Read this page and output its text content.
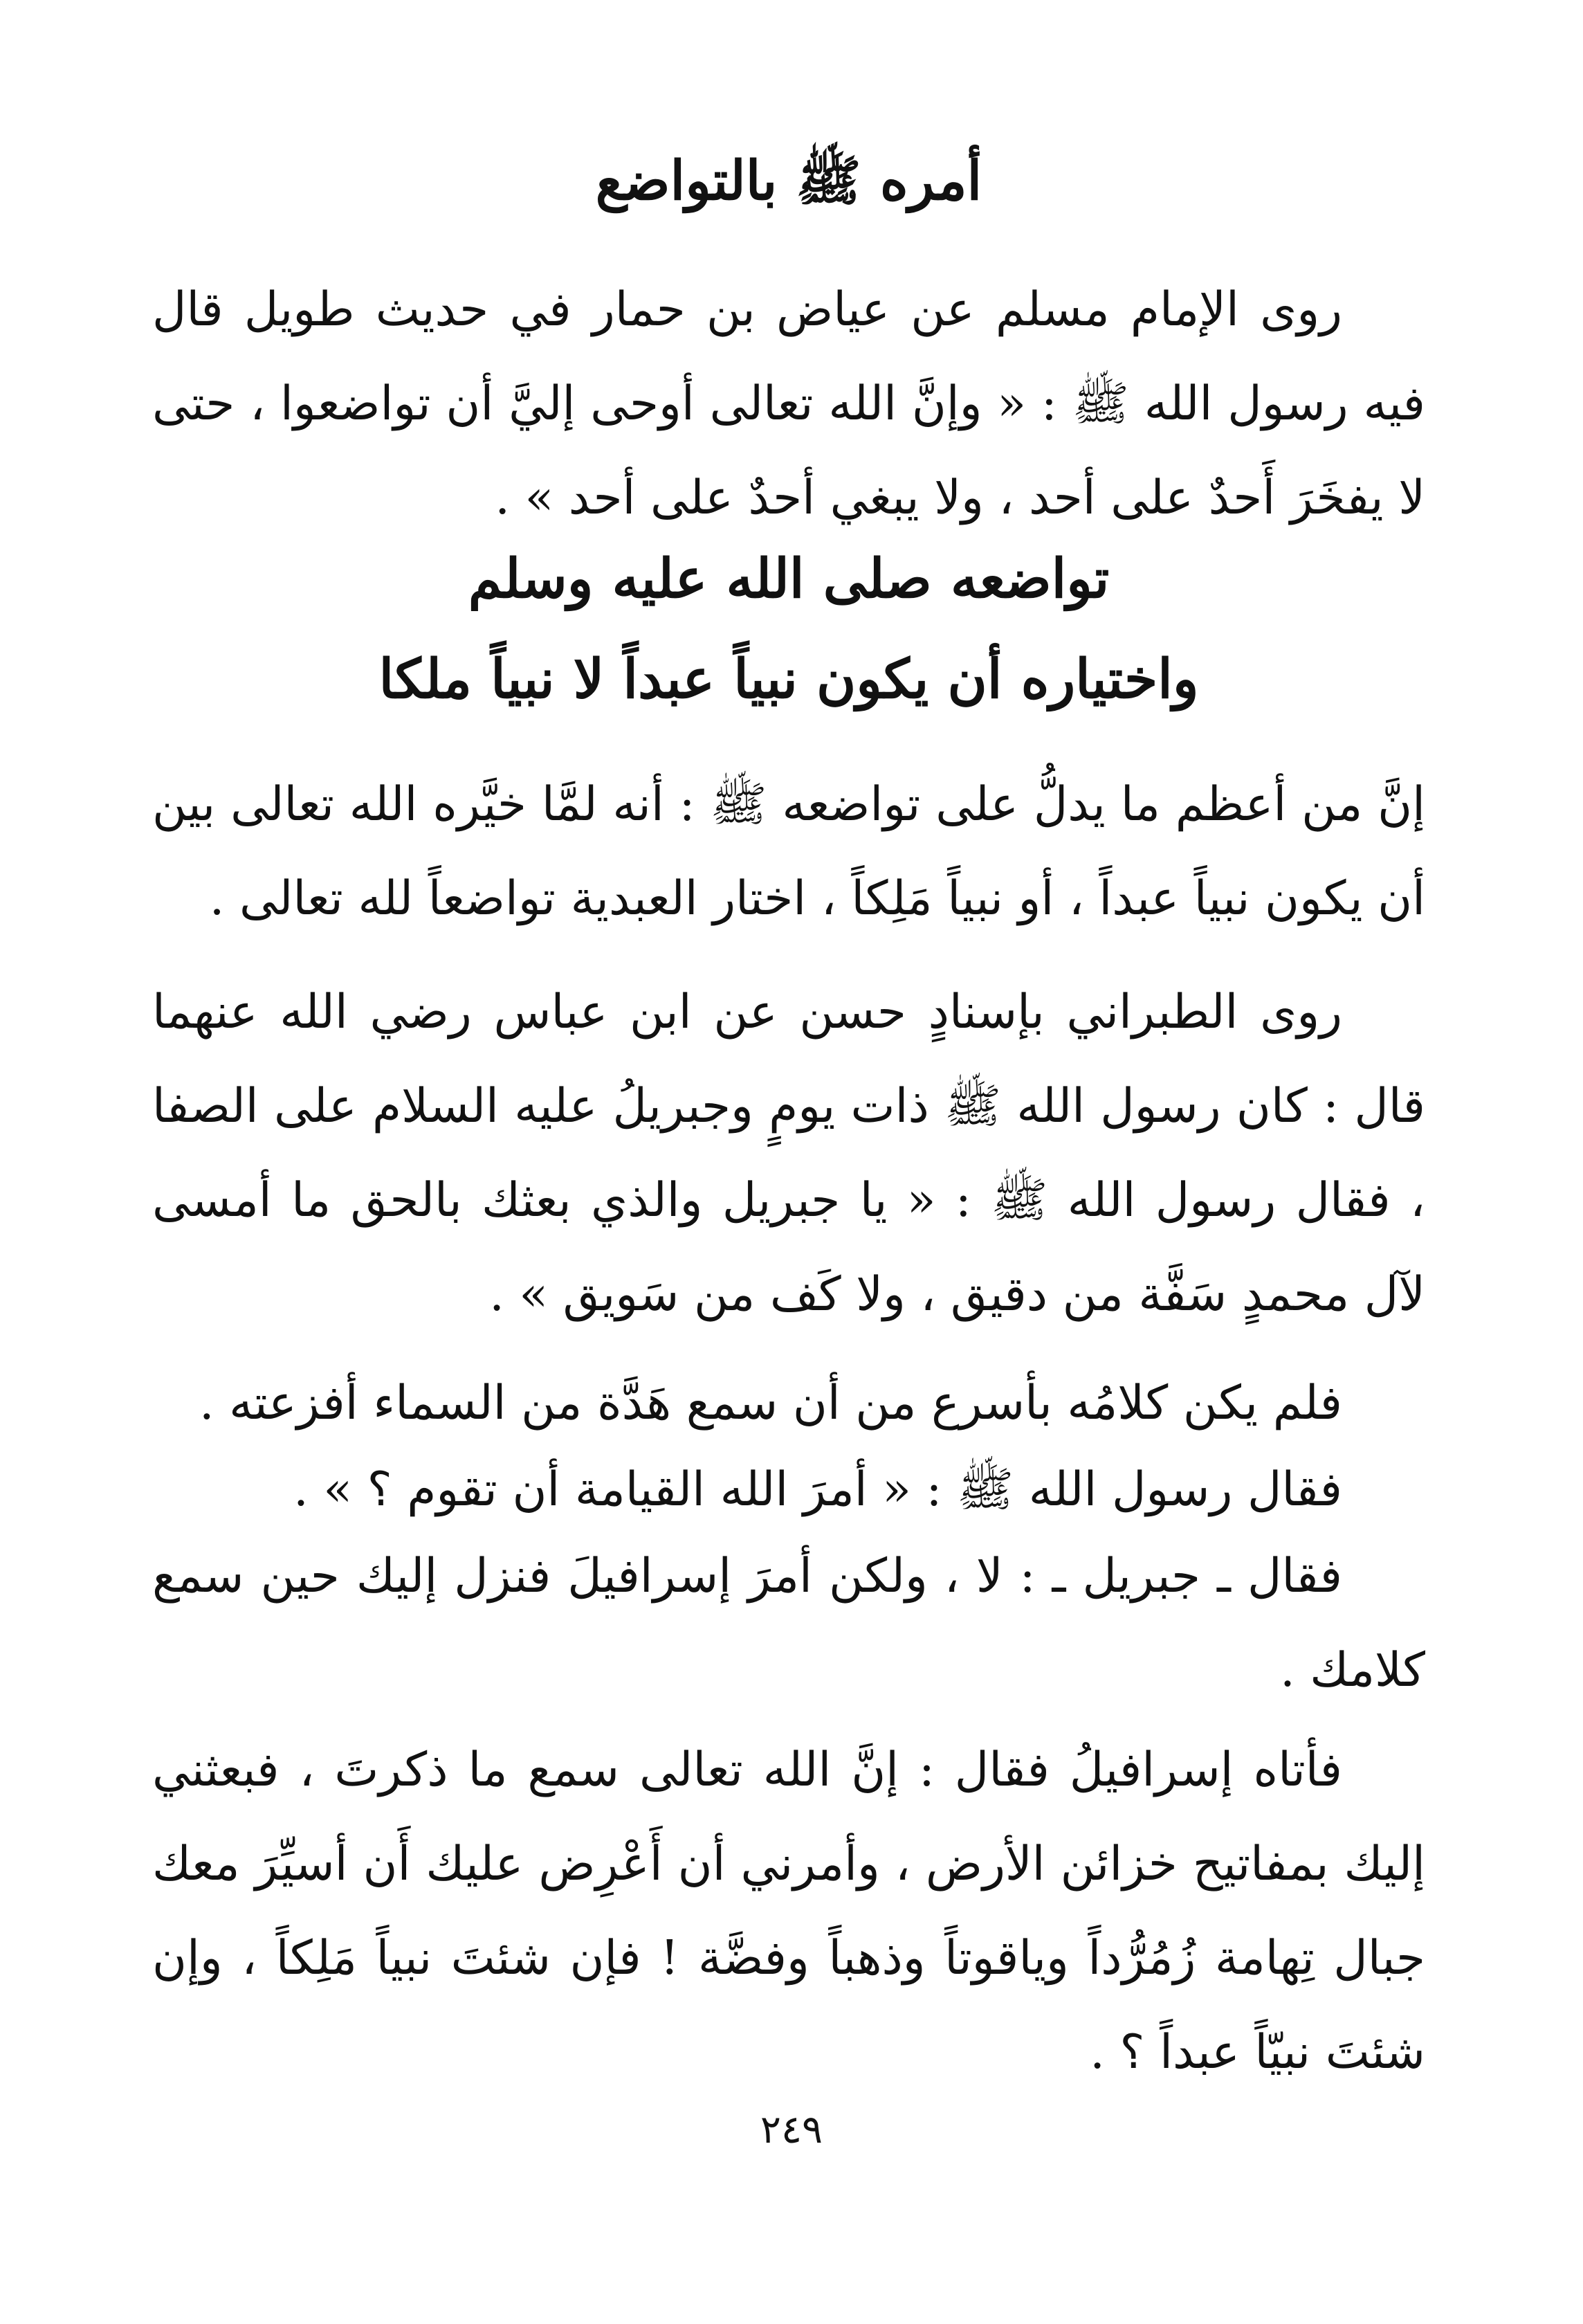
أمره ﷺ بالتواضع

روى الإمام مسلم عن عياض بن حمار في حديث طويل قال فيه رسول الله ﷺ : « وإنَّ الله تعالى أوحى إليَّ أن تواضعوا ، حتى لا يفخَرَ أَحدٌ على أحد ، ولا يبغي أحدٌ على أحد » .

تواضعه صلى الله عليه وسلم
واختياره أن يكون نبياً عبداً لا نبياً ملكا

إنَّ من أعظم ما يدلُّ على تواضعه ﷺ : أنه لمَّا خيَّره الله تعالى بين أن يكون نبياً عبداً ، أو نبياً مَلِكاً ، اختار العبدية تواضعاً لله تعالى .

روى الطبراني بإسنادٍ حسن عن ابن عباس رضي الله عنهما قال : كان رسول الله ﷺ ذات يومٍ وجبريلُ عليه السلام على الصفا ، فقال رسول الله ﷺ : « يا جبريل والذي بعثك بالحق ما أمسى لآل محمدٍ سَفَّة من دقيق ، ولا كَف من سَويق » .

فلم يكن كلامُه بأسرع من أن سمع هَدَّة من السماء أفزعته .

فقال رسول الله ﷺ : « أمرَ الله القيامة أن تقوم ؟ » .

فقال ـ جبريل ـ : لا ، ولكن أمرَ إسرافيلَ فنزل إليك حين سمع كلامك .

فأتاه إسرافيلُ فقال : إنَّ الله تعالى سمع ما ذكرتَ ، فبعثني إليك بمفاتيح خزائن الأرض ، وأمرني أن أَعْرِض عليك أَن أسيِّرَ معك جبال تِهامة زُمُرُّداً وياقوتاً وذهباً وفضَّة ! فإن شئتَ نبياً مَلِكاً ، وإن شئتَ نبيّاً عبداً ؟ .

٢٤٩
